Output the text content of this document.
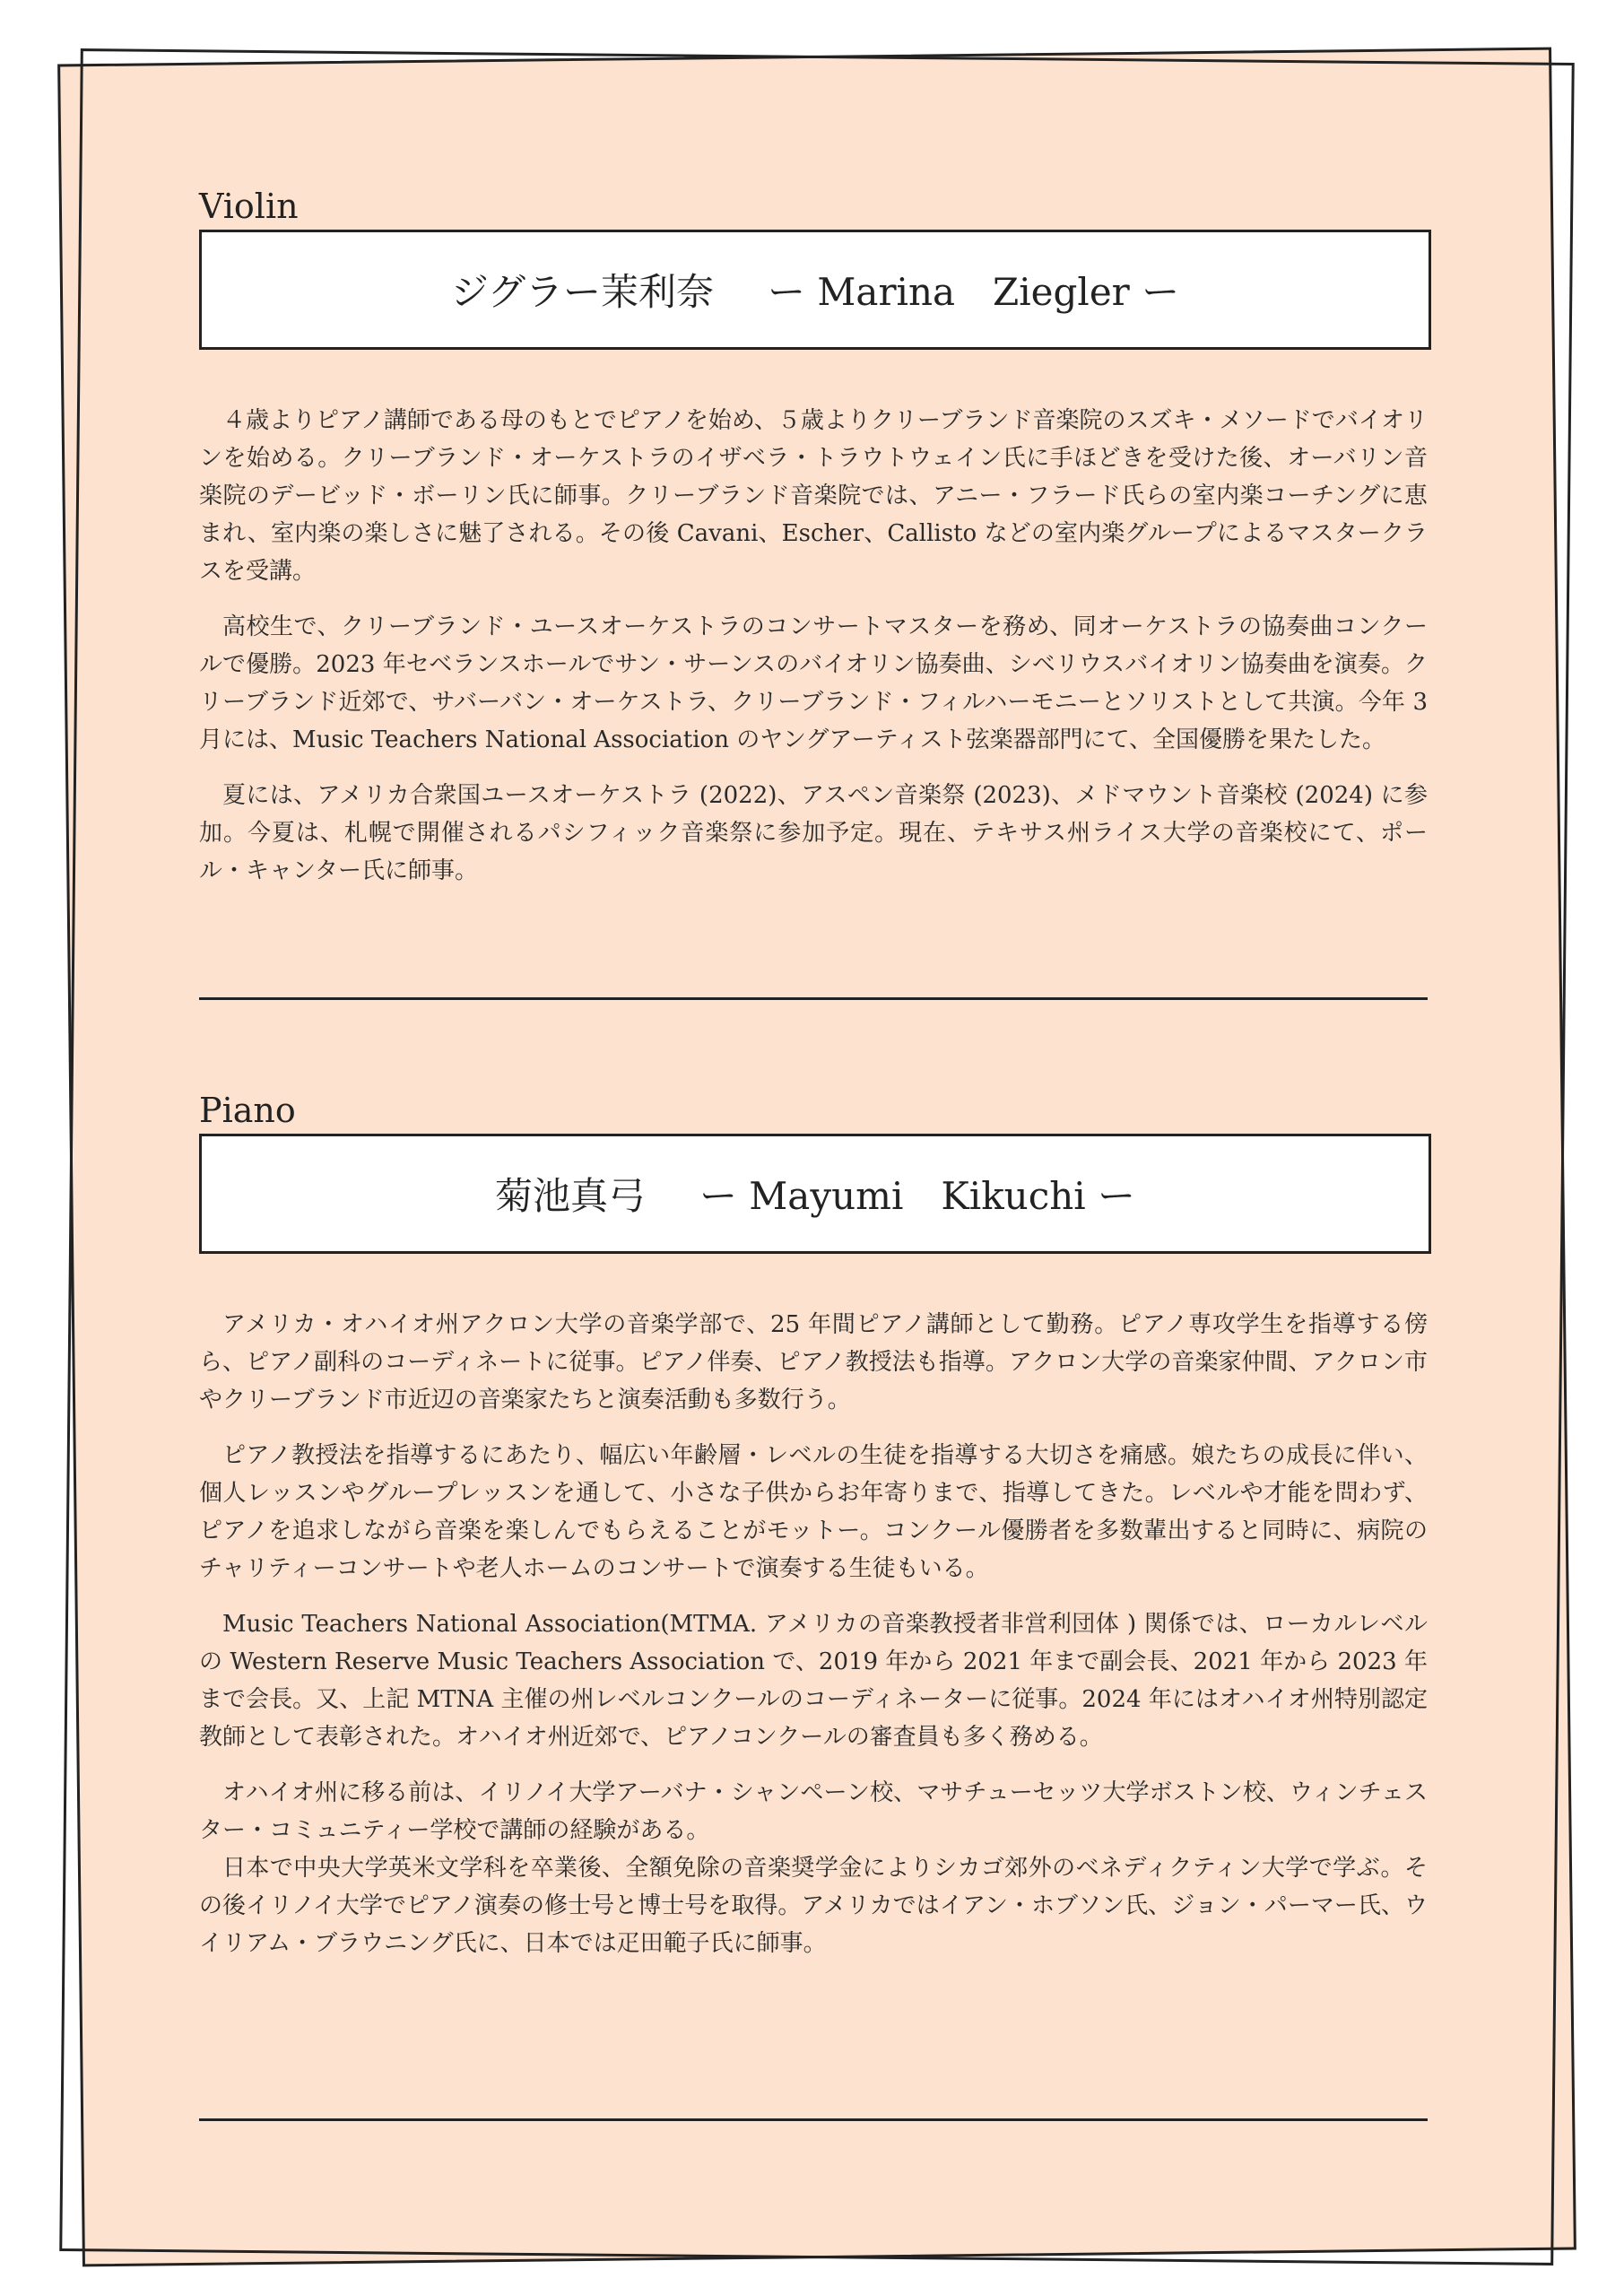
Violin
ジグラー茉利奈 ー Marina　Ziegler ー

４歳よりピアノ講師である母のもとでピアノを始め、５歳よりクリーブランド音楽院のスズキ・メソードでバイオリンを始める。クリーブランド・オーケストラのイザベラ・トラウトウェイン氏に手ほどきを受けた後、オーバリン音楽院のデービッド・ボーリン氏に師事。クリーブランド音楽院では、アニー・フラード氏らの室内楽コーチングに恵まれ、室内楽の楽しさに魅了される。その後 Cavani、Escher、Callisto などの室内楽グループによるマスタークラスを受講。

高校生で、クリーブランド・ユースオーケストラのコンサートマスターを務め、同オーケストラの協奏曲コンクールで優勝。2023 年セベランスホールでサン・サーンスのバイオリン協奏曲、シベリウスバイオリン協奏曲を演奏。クリーブランド近郊で、サバーバン・オーケストラ、クリーブランド・フィルハーモニーとソリストとして共演。今年 3 月には、Music Teachers National Association のヤングアーティスト弦楽器部門にて、全国優勝を果たした。

夏には、アメリカ合衆国ユースオーケストラ (2022)、アスペン音楽祭 (2023)、メドマウント音楽校 (2024) に参加。今夏は、札幌で開催されるパシフィック音楽祭に参加予定。現在、テキサス州ライス大学の音楽校にて、ポール・キャンター氏に師事。

Piano
菊池真弓 ー Mayumi　Kikuchi ー

アメリカ・オハイオ州アクロン大学の音楽学部で、25 年間ピアノ講師として勤務。ピアノ専攻学生を指導する傍ら、ピアノ副科のコーディネートに従事。ピアノ伴奏、ピアノ教授法も指導。アクロン大学の音楽家仲間、アクロン市やクリーブランド市近辺の音楽家たちと演奏活動も多数行う。

ピアノ教授法を指導するにあたり、幅広い年齢層・レベルの生徒を指導する大切さを痛感。娘たちの成長に伴い、個人レッスンやグループレッスンを通して、小さな子供からお年寄りまで、指導してきた。レベルや才能を問わず、ピアノを追求しながら音楽を楽しんでもらえることがモットー。コンクール優勝者を多数輩出すると同時に、病院のチャリティーコンサートや老人ホームのコンサートで演奏する生徒もいる。

Music Teachers National Association(MTMA. アメリカの音楽教授者非営利団体 ) 関係では、ローカルレベルの Western Reserve Music Teachers Association で、2019 年から 2021 年まで副会長、2021 年から 2023 年まで会長。又、上記 MTNA 主催の州レベルコンクールのコーディネーターに従事。2024 年にはオハイオ州特別認定教師として表彰された。オハイオ州近郊で、ピアノコンクールの審査員も多く務める。

オハイオ州に移る前は、イリノイ大学アーバナ・シャンペーン校、マサチューセッツ大学ボストン校、ウィンチェスター・コミュニティー学校で講師の経験がある。

日本で中央大学英米文学科を卒業後、全額免除の音楽奨学金によりシカゴ郊外のベネディクティン大学で学ぶ。その後イリノイ大学でピアノ演奏の修士号と博士号を取得。アメリカではイアン・ホブソン氏、ジョン・パーマー氏、ウイリアム・ブラウニング氏に、日本では疋田範子氏に師事。
